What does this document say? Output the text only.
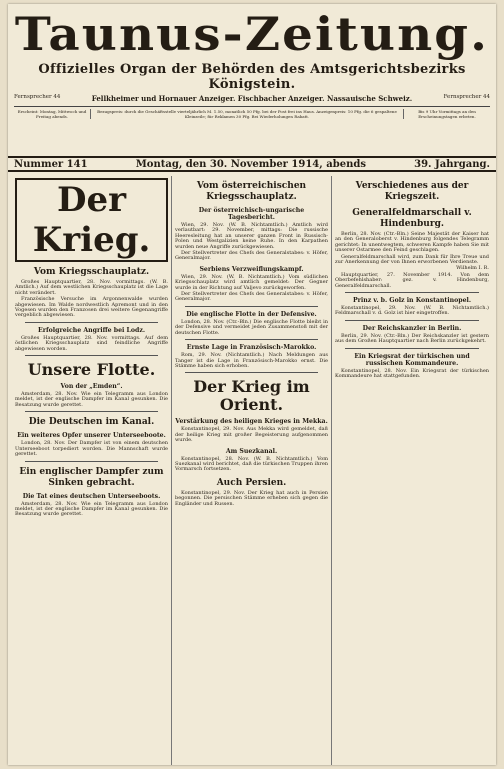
Taunus-Zeitung.
Offizielles Organ der Behörden des Amtsgerichtsbezirks Königstein.
Fernsprecher 44	Fellkheimer und Hornauer Anzeiger. Fischbacher Anzeiger. Nassauische Schweiz.	Fernsprecher 44
Erscheint: Montag, Mittwoch und Freitag abends.
Bezugspreis: durch die Geschäftsstelle vierteljährlich M. 1.50, monatlich 50 Pfg. bei der Post frei ins Haus. Anzeigenpreis: 10 Pfg. die 6 gespaltene Kleinzeile; für Reklamen 30 Pfg. Bei Wiederholungen Rabatt.
Bis 9 Uhr Vormittags an den Erscheinungstagen erbeten.
Nummer 141	Montag, den 30. November 1914, abends	39. Jahrgang.
Der Krieg.
Vom Kriegsschauplatz.

Großes Hauptquartier, 28. Nov. vormittags. (W. B. Amtlich.) Auf dem westlichen Kriegsschauplatz ist die Lage nicht verändert.

Französische Versuche im Argonnenwalde wurden abgewiesen. Im Walde nordwestlich Apremont und in den Vogesen wurden den Franzosen drei weitere Gegenangriffe vergeblich abgewiesen.

Erfolgreiche Angriffe bei Lodz.

Großes Hauptquartier, 28. Nov. vormittags. Auf dem östlichen Kriegsschauplatz sind feindliche Angriffe abgewiesen worden.

Unsere Flotte.
Von der „Emden“.

Amsterdam, 28. Nov. Wie ein Telegramm aus London meldet, ist der englische Dampfer im Kanal gesunken. Die Besatzung wurde gerettet.

Die Deutschen im Kanal.
Ein weiteres Opfer unserer Unterseeboote.

London, 28. Nov. Der Dampfer ist von einem deutschen Unterseeboot torpediert worden. Die Mannschaft wurde gerettet.

Ein englischer Dampfer zum Sinken gebracht.
Die Tat eines deutschen Unterseeboots.

Amsterdam, 28. Nov. Wie ein Telegramm aus London meldet, ist der englische Dampfer im Kanal gesunken. Die Besatzung wurde gerettet.

Vom österreichischen Kriegsschauplatz.
Der österreichisch-ungarische Tagesbericht.

Wien, 29. Nov. (W. B. Nichtamtlich.) Amtlich wird verlautbart: 29. November, mittags: Die russische Heeresleitung hat an unserer ganzen Front in Russisch-Polen und Westgalizien keine Ruhe. In den Karpathen wurden neue Angriffe zurückgewiesen.

Der Stellvertreter des Chefs des Generalstabes: v. Höfer, Generalmajor.

Serbiens Verzweiflungskampf.

Wien, 29. Nov. (W. B. Nichtamtlich.) Vom südlichen Kriegsschauplatz wird amtlich gemeldet: Der Gegner wurde in der Richtung auf Valjevo zurückgeworfen.

Der Stellvertreter des Chefs des Generalstabes: v. Höfer, Generalmajor.

Die englische Flotte in der Defensive.

London, 28. Nov. (Ctr.-Bln.) Die englische Flotte bleibt in der Defensive und vermeidet jeden Zusammenstoß mit der deutschen Flotte.

Ernste Lage in Französisch-Marokko.

Rom, 29. Nov. (Nichtamtlich.) Nach Meldungen aus Tanger ist die Lage in Französisch-Marokko ernst. Die Stämme haben sich erhoben.

Der Krieg im Orient.
Verstärkung des heiligen Krieges in Mekka.

Konstantinopel, 29. Nov. Aus Mekka wird gemeldet, daß der heilige Krieg mit großer Begeisterung aufgenommen wurde.

Am Suezkanal.

Konstantinopel, 28. Nov. (W. B. Nichtamtlich.) Vom Suezkanal wird berichtet, daß die türkischen Truppen ihren Vormarsch fortsetzen.

Auch Persien.

Konstantinopel, 29. Nov. Der Krieg hat auch in Persien begonnen. Die persischen Stämme erheben sich gegen die Engländer und Russen.

Verschiedenes aus der Kriegszeit.
Generalfeldmarschall v. Hindenburg.

Berlin, 28. Nov. (Ctr.-Bln.) Seine Majestät der Kaiser hat an den Generaloberst v. Hindenburg folgendes Telegramm gerichtet: In unentwegtem, schweren Kampfe haben Sie mit unserer Ostarmee den Feind geschlagen.

Generalfeldmarschall wird, zum Dank für Ihre Treue und zur Anerkennung der von Ihnen erworbenen Verdienste.

Wilhelm I. R.

Hauptquartier, 27. November 1914. Von dem Oberbefehlshaber: gez. v. Hindenburg, Generalfeldmarschall.

Prinz v. b. Golz in Konstantinopel.

Konstantinopel, 29. Nov. (W. B. Nichtamtlich.) Feldmarschall v. d. Golz ist hier eingetroffen.

Der Reichskanzler in Berlin.

Berlin, 29. Nov. (Ctr.-Bln.) Der Reichskanzler ist gestern aus dem Großen Hauptquartier nach Berlin zurückgekehrt.

Ein Kriegsrat der türkischen und russischen Kommandeure.

Konstantinopel, 28. Nov. Ein Kriegsrat der türkischen Kommandeure hat stattgefunden.
